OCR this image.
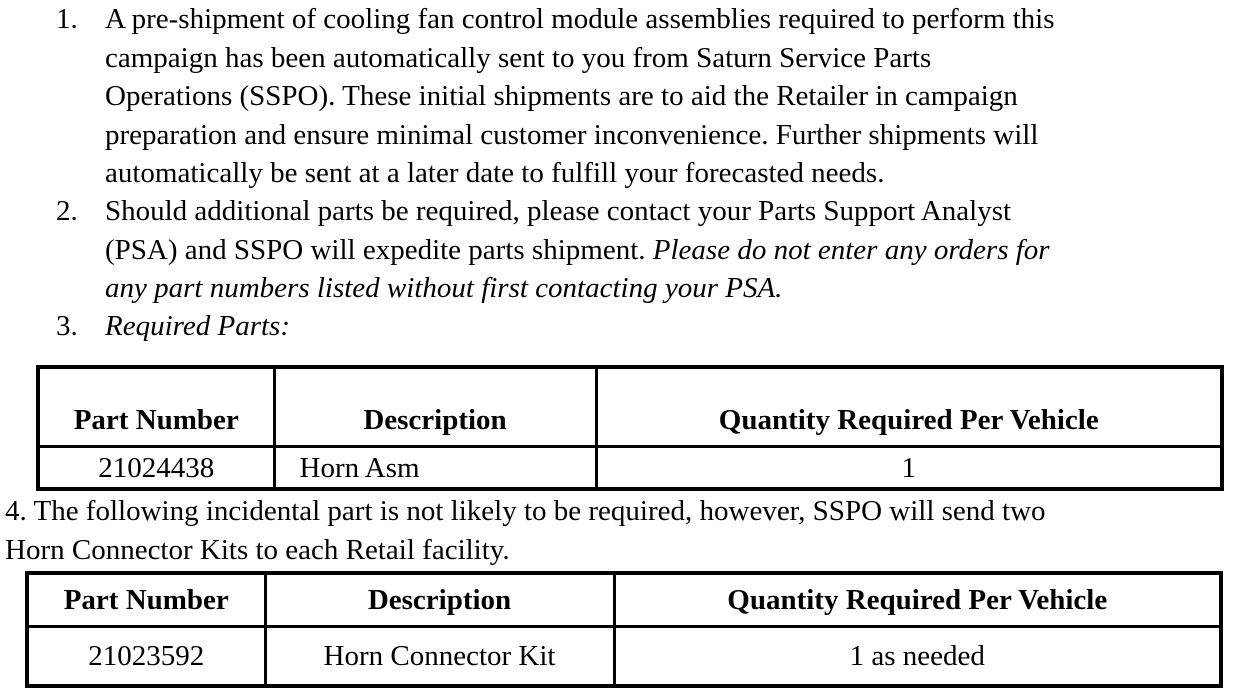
1. A pre-shipment of cooling fan control module assemblies required to perform this
campaign has been automatically sent to you from Saturn Service Parts
Operations (SSPO). These initial shipments are to aid the Retailer in campaign
preparation and ensure minimal customer inconvenience. Further shipments will
automatically be sent at a later date to fulfill your forecasted needs.
2. Should additional parts be required, please contact your Parts Support Analyst
(PSA) and SSPO will expedite parts shipment. Please do not enter any orders for
any part numbers listed without first contacting your PSA.
3. Required Parts:
Part Number	Description	Quantity Required Per Vehicle
21024438	Horn Asm	1
4. The following incidental part is not likely to be required, however, SSPO will send two
Horn Connector Kits to each Retail facility.
Part Number	Description	Quantity Required Per Vehicle
21023592	Horn Connector Kit	1 as needed
